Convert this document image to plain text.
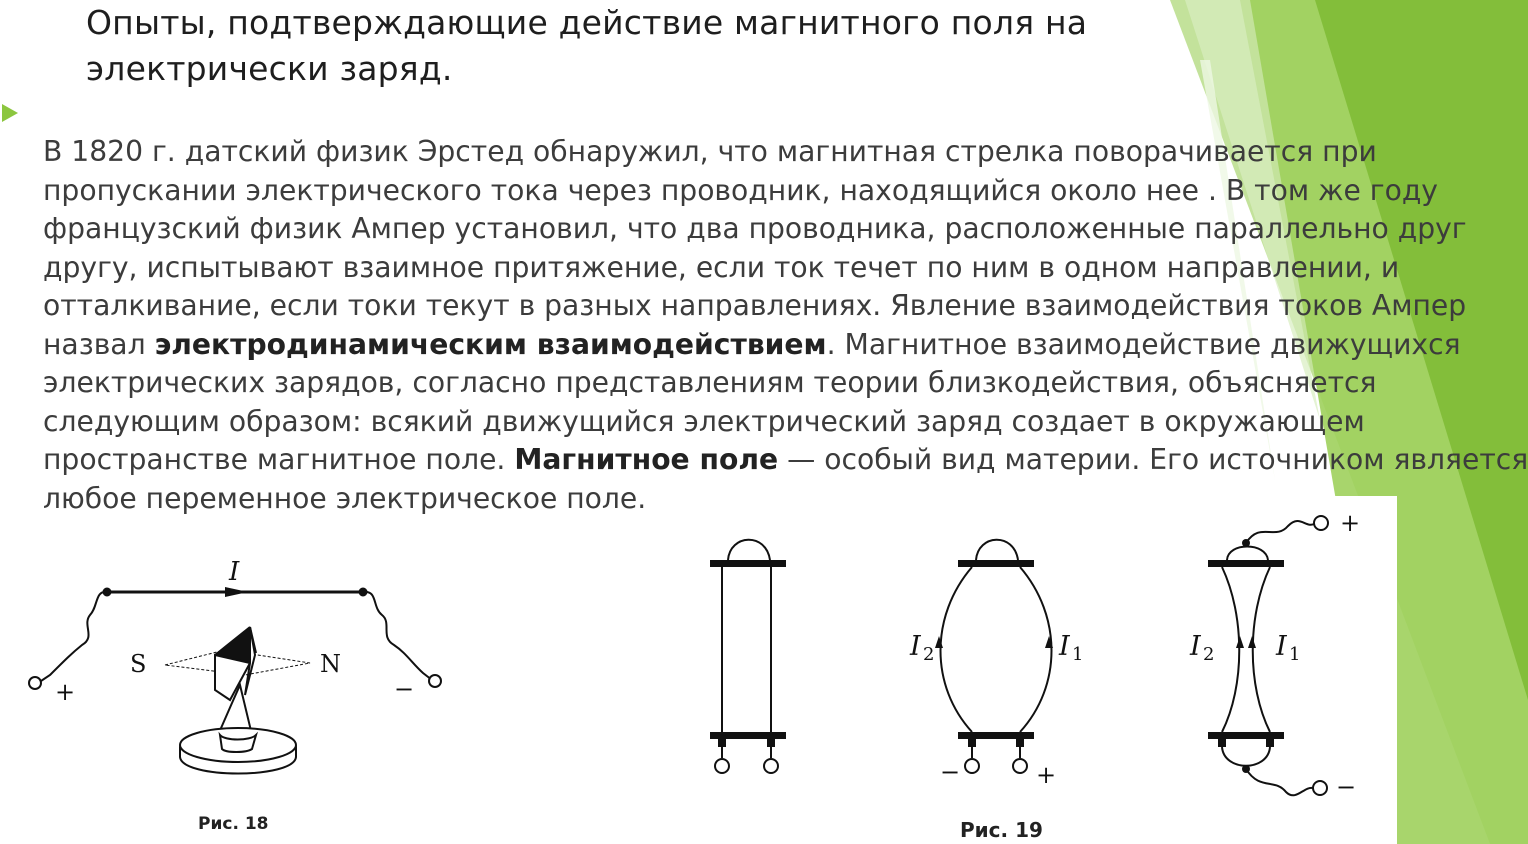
Опыты, подтверждающие действие магнитного поля на
электрически заряд.
В 1820 г. датский физик Эрстед обнаружил, что магнитная стрелка поворачивается при
пропускании электрического тока через проводник, находящийся около нее . В том же году
французский физик Ампер установил, что два проводника, расположенные параллельно друг
другу, испытывают взаимное притяжение, если ток течет по ним в одном направлении, и
отталкивание, если токи текут в разных направлениях. Явление взаимодействия токов Ампер
назвал электродинамическим взаимодействием. Магнитное взаимодействие движущихся
электрических зарядов, согласно представлениям теории близкодействия, объясняется
следующим образом: всякий движущийся электрический заряд создает в окружающем
пространстве магнитное поле. Магнитное поле — особый вид материи. Его источником является
любое переменное электрическое поле.
I
S	N
+	−
Рис. 18
I 2	I 1
−	+
I 2 I 1
+
−
Рис. 19
